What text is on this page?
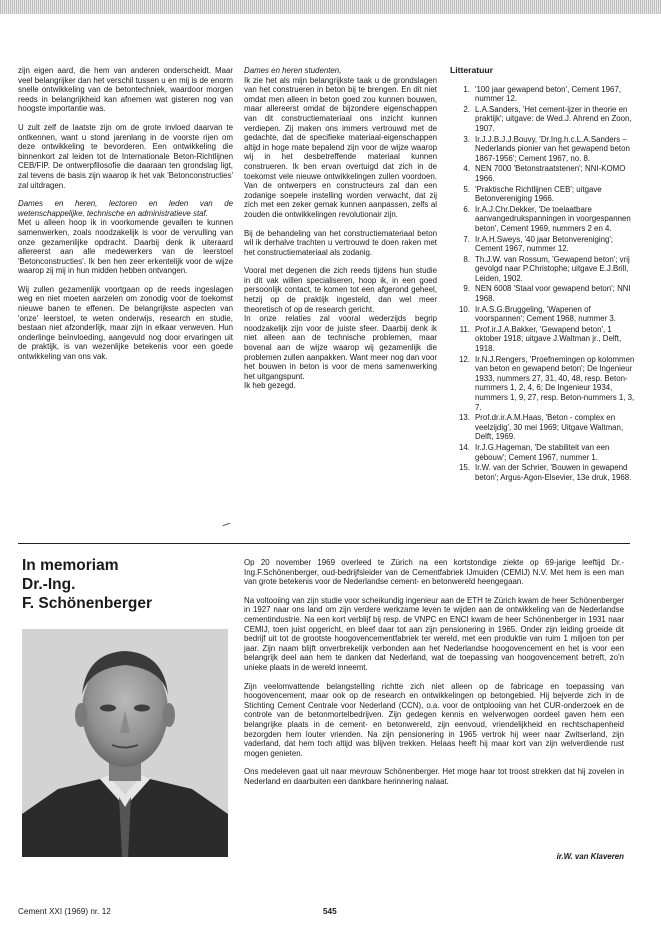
zijn eigen aard, die hem van anderen onderscheidt. Maar veel belangrijker dan het verschil tussen u en mij is de enorm snelle ontwikkeling van de betontechniek, waardoor morgen reeds in belangrijkheid kan afnemen wat gisteren nog van hoogste importantie was.

U zult zelf de laatste zijn om de grote invloed daarvan te ontkennen, want u stond jarenlang in de voorste rijen om deze ontwikkeling te bevorderen. Een ontwikkeling die binnenkort zal leiden tot de Internationale Beton-Richtlijnen CEB/FIP. De ontwerpfilosofie die daaraan ten grondslag ligt, zal tevens de basis zijn waarop ik het vak 'Betonconstructies' zal uitdragen.

Dames en heren, lectoren en leden van de wetenschappelijke, technische en administratieve staf.
Met u alleen hoop ik in voorkomende gevallen te kunnen samenwerken, zoals noodzakelijk is voor de vervulling van onze gezamenlijke opdracht. Daarbij denk ik uiteraard allereerst aan alle medewerkers van de leerstoel 'Betonconstructies'. Ik ben hen zeer erkentelijk voor de wijze waarop zij mij in hun midden hebben ontvangen.

Wij zullen gezamenlijk voortgaan op de reeds ingeslagen weg en niet moeten aarzelen om zonodig voor de toekomst nieuwe banen te effenen. De belangrijkste aspecten van 'onze' leerstoel, te weten onderwijs, research en studie, bestaan niet afzonderlijk, maar zijn in elkaar verweven. Hun onderlinge beïnvloeding, aangevuld nog door ervaringen uit de praktijk, is van wezenlijke betekenis voor een goede ontwikkeling van ons vak.

Dames en heren studenten,
Ik zie het als mijn belangrijkste taak u de grondslagen van het construeren in beton bij te brengen. En dit niet omdat men alleen in beton goed zou kunnen bouwen, maar allereerst omdat de bijzondere eigenschappen van dit constructiemateriaal ons inzicht kunnen verdiepen. Zij maken ons immers vertrouwd met de gedachte, dat de specifieke materiaal-eigenschappen altijd in hoge mate bepalend zijn voor de wijze waarop wij in het desbetreffende materiaal kunnen construeren. Ik ben ervan overtuigd dat zich in de toekomst vele nieuwe ontwikkelingen zullen voordoen. Van de ontwerpers en constructeurs zal dan een zodanige soepele instelling worden verwacht, dat zij zich met een zeker gemak kunnen aanpassen, zelfs al zouden die ontwikkelingen revolutionair zijn.

Bij de behandeling van het constructiemateriaal beton wil ik derhalve trachten u vertrouwd te doen raken met het constructiemateriaal als zodanig.

Vooral met degenen die zich reeds tijdens hun studie in dit vak willen specialiseren, hoop ik, in een goed persoonlijk contact, te komen tot een afgerond geheel, hetzij op de praktijk ingesteld, dan wel meer theoretisch of op de research gericht.
In onze relaties zal vooral wederzijds begrip noodzakelijk zijn voor de juiste sfeer. Daarbij denk ik niet alleen aan de technische problemen, maar bovenal aan de wijze waarop wij gezamenlijk die problemen zullen aanpakken. Want meer nog dan voor het bouwen in beton is voor de mens samenwerking het uitgangspunt.
Ik heb gezegd.

Litteratuur

1. '100 jaar gewapend beton', Cement 1967, nummer 12.
2. L.A.Sanders, 'Het cement-ijzer in theorie en praktijk'; uitgave: de Wed.J. Ahrend en Zoon, 1907.
3. Ir.J.J.B.J.J.Bouvy, 'Dr.Ing.h.c.L.A.Sanders – Nederlands pionier van het gewapend beton 1867-1956'; Cement 1967, no. 8.
4. NEN 7000 'Betonstraatstenen'; NNI-KOMO 1966.
5. 'Praktische Richtlijnen CEB'; uitgave Betonvereniging 1966.
6. Ir.A.J.Chr.Dekker, 'De toelaatbare aanvangedrukspanningen in voorgespannen beton', Cement 1969, nummers 2 en 4.
7. Ir.A.H.Sweys, '40 jaar Betonvereniging'; Cement 1967, nummer 12.
8. Th.J.W. van Rossum, 'Gewapend beton'; vrij gevolgd naar P.Christophe; uitgave E.J.Brill, Leiden, 1902.
9. NEN 6008 'Staal voor gewapend beton'; NNI 1968.
10. Ir.A.S.G.Bruggeling, 'Wapenen of voorspannen'; Cement 1968, nummer 3.
11. Prof.ir.J.A.Bakker, 'Gewapend beton', 1 oktober 1918; uitgave J.Waltman jr., Delft, 1918.
12. Ir.N.J.Rengers, 'Proefnemingen op kolommen van beton en gewapend beton'; De Ingenieur 1933, nummers 27, 31, 40, 48, resp. Beton-nummers 1, 2, 4, 6; De Ingenieur 1934, nummers 1, 9, 27, resp. Beton-nummers 1, 3, 7.
13. Prof.dr.ir.A.M.Haas, 'Beton - complex en veelzijdig', 30 mei 1969; Uitgave Waltman, Delft, 1969.
14. Ir.J.G.Hageman, 'De stabiliteit van een gebouw'; Cement 1967, nummer 1.
15. Ir.W. van der Schrier, 'Bouwen in gewapend beton'; Argus-Agon-Elsevier, 13e druk, 1968.
In memoriam
Dr.-Ing.
F. Schönenberger

Op 20 november 1969 overleed te Zürich na een kortstondige ziekte op 69-jarige leeftijd Dr.-Ing.F.Schönenberger, oud-bedrijfsleider van de Cementfabriek IJmuiden (CEMIJ) N.V. Met hem is een man van grote betekenis voor de Nederlandse cement- en betonwereld heengegaan.

Na voltooiing van zijn studie voor scheikundig ingenieur aan de ETH te Zürich kwam de heer Schönenberger in 1927 naar ons land om zijn verdere werkzame leven te wijden aan de ontwikkeling van de Nederlandse cementindustrie. Na een kort verblijf bij resp. de VNPC en ENCI kwam de heer Schönenberger in 1931 naar CEMIJ, toen juist opgericht, en bleef daar tot aan zijn pensionering in 1965. Onder zijn leiding groeide dit bedrijf uit tot de grootste hoogovencementfabriek ter wereld, met een produktie van ruim 1 miljoen ton per jaar. Zijn naam blijft onverbrekelijk verbonden aan het Nederlandse hoogovencement en het is voor een belangrijk deel aan hem te danken dat Nederland, wat de toepassing van hoogovencement betreft, zo'n unieke plaats in de wereld inneemt.

Zijn veelomvattende belangstelling richtte zich niet alleen op de fabricage en toepassing van hoogovencement, maar ook op de research en ontwikkelingen op betongebied. Hij bejverde zich in de Stichting Cement Centrale voor Nederland (CCN), o.a. voor de ontplooiing van het CUR-onderzoek en de controle van de betonmortelbedrijven. Zijn gedegen kennis en welverwogen oordeel gaven hem een belangrijke plaats in de cement- en betonwereld, zijn eenvoud, vriendelijkheid en rechtschapenheid bezorgden hem louter vrienden. Na zijn pensionering in 1965 vertrok hij weer naar Zwitserland, zijn vaderland, dat hem toch altijd was blijven trekken. Helaas heeft hij maar kort van zijn welverdiende rust mogen genieten.

Ons medeleven gaat uit naar mevrouw Schönenberger. Het moge haar tot troost strekken dat hij zovelen in Nederland en daarbuiten een dankbare herinnering nalaat.

ir.W. van Klaveren
Cement XXI (1969) nr. 12	545
